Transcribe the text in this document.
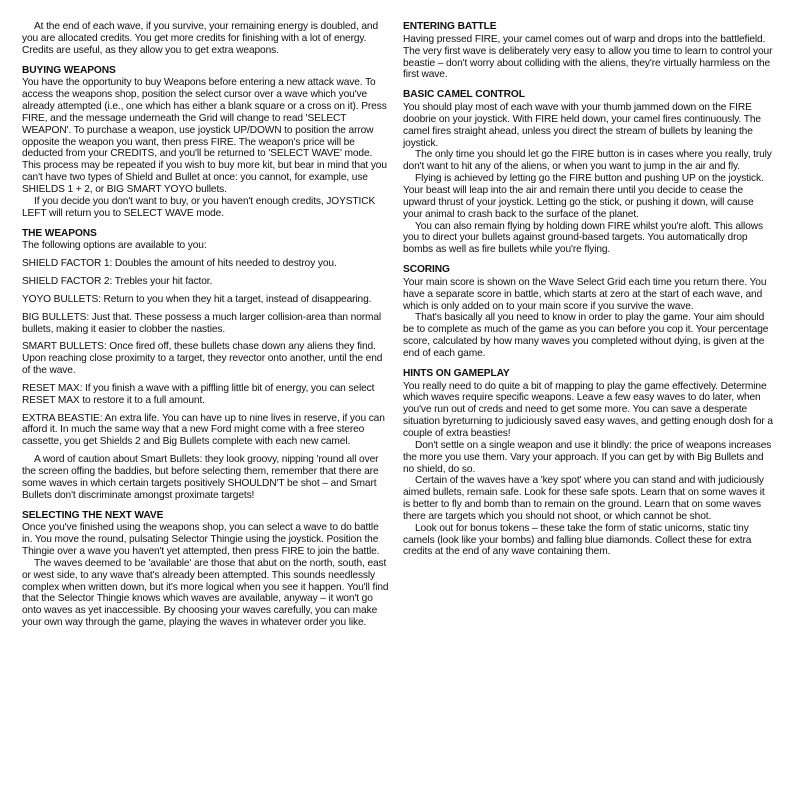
At the end of each wave, if you survive, your remaining energy is doubled, and you are allocated credits. You get more credits for finishing with a lot of energy. Credits are useful, as they allow you to get extra weapons.

BUYING WEAPONS

You have the opportunity to buy Weapons before entering a new attack wave. To access the weapons shop, position the select cursor over a wave which you've already attempted (i.e., one which has either a blank square or a cross on it). Press FIRE, and the message underneath the Grid will change to read 'SELECT WEAPON'. To purchase a weapon, use joystick UP/DOWN to position the arrow opposite the weapon you want, then press FIRE. The weapon's price will be deducted from your CREDITS, and you'll be returned to 'SELECT WAVE' mode. This process may be repeated if you wish to buy more kit, but bear in mind that you can't have two types of Shield and Bullet at once: you cannot, for example, use SHIELDS 1 + 2, or BIG SMART YOYO bullets.

If you decide you don't want to buy, or you haven't enough credits, JOYSTICK LEFT will return you to SELECT WAVE mode.

THE WEAPONS

The following options are available to you:

SHIELD FACTOR 1: Doubles the amount of hits needed to destroy you.

SHIELD FACTOR 2: Trebles your hit factor.

YOYO BULLETS: Return to you when they hit a target, instead of disappearing.

BIG BULLETS: Just that. These possess a much larger collision-area than normal bullets, making it easier to clobber the nasties.

SMART BULLETS: Once fired off, these bullets chase down any aliens they find. Upon reaching close proximity to a target, they revector onto another, until the end of the wave.

RESET MAX: If you finish a wave with a piffling little bit of energy, you can select RESET MAX to restore it to a full amount.

EXTRA BEASTIE: An extra life. You can have up to nine lives in reserve, if you can afford it. In much the same way that a new Ford might come with a free stereo cassette, you get Shields 2 and Big Bullets complete with each new camel.

A word of caution about Smart Bullets: they look groovy, nipping 'round all over the screen offing the baddies, but before selecting them, remember that there are some waves in which certain targets positively SHOULDN'T be shot – and Smart Bullets don't discriminate amongst proximate targets!

SELECTING THE NEXT WAVE

Once you've finished using the weapons shop, you can select a wave to do battle in. You move the round, pulsating Selector Thingie using the joystick. Position the Thingie over a wave you haven't yet attempted, then press FIRE to join the battle.

The waves deemed to be 'available' are those that abut on the north, south, east or west side, to any wave that's already been attempted. This sounds needlessly complex when written down, but it's more logical when you see it happen. You'll find that the Selector Thingie knows which waves are available, anyway – it won't go onto waves as yet inaccessible. By choosing your waves carefully, you can make your own way through the game, playing the waves in whatever order you like.

ENTERING BATTLE

Having pressed FIRE, your camel comes out of warp and drops into the battlefield. The very first wave is deliberately very easy to allow you time to learn to control your beastie – don't worry about colliding with the aliens, they're virtually harmless on the first wave.

BASIC CAMEL CONTROL

You should play most of each wave with your thumb jammed down on the FIRE doobrie on your joystick. With FIRE held down, your camel fires continuously. The camel fires straight ahead, unless you direct the stream of bullets by leaning the joystick.

The only time you should let go the FIRE button is in cases where you really, truly don't want to hit any of the aliens, or when you want to jump in the air and fly.

Flying is achieved by letting go the FIRE button and pushing UP on the joystick. Your beast will leap into the air and remain there until you decide to cease the upward thrust of your joystick. Letting go the stick, or pushing it down, will cause your animal to crash back to the surface of the planet.

You can also remain flying by holding down FIRE whilst you're aloft. This allows you to direct your bullets against ground-based targets. You automatically drop bombs as well as fire bullets while you're flying.

SCORING

Your main score is shown on the Wave Select Grid each time you return there. You have a separate score in battle, which starts at zero at the start of each wave, and which is only added on to your main score if you survive the wave.

That's basically all you need to know in order to play the game. Your aim should be to complete as much of the game as you can before you cop it. Your percentage score, calculated by how many waves you completed without dying, is given at the end of each game.

HINTS ON GAMEPLAY

You really need to do quite a bit of mapping to play the game effectively. Determine which waves require specific weapons. Leave a few easy waves to do later, when you've run out of creds and need to get some more. You can save a desperate situation byreturning to judiciously saved easy waves, and getting enough dosh for a couple of extra beasties!

Don't settle on a single weapon and use it blindly: the price of weapons increases the more you use them. Vary your approach. If you can get by with Big Bullets and no shield, do so.

Certain of the waves have a 'key spot' where you can stand and with judiciously aimed bullets, remain safe. Look for these safe spots. Learn that on some waves it is better to fly and bomb than to remain on the ground. Learn that on some waves there are targets which you should not shoot, or which cannot be shot.

Look out for bonus tokens – these take the form of static unicorns, static tiny camels (look like your bombs) and falling blue diamonds. Collect these for extra credits at the end of any wave containing them.
